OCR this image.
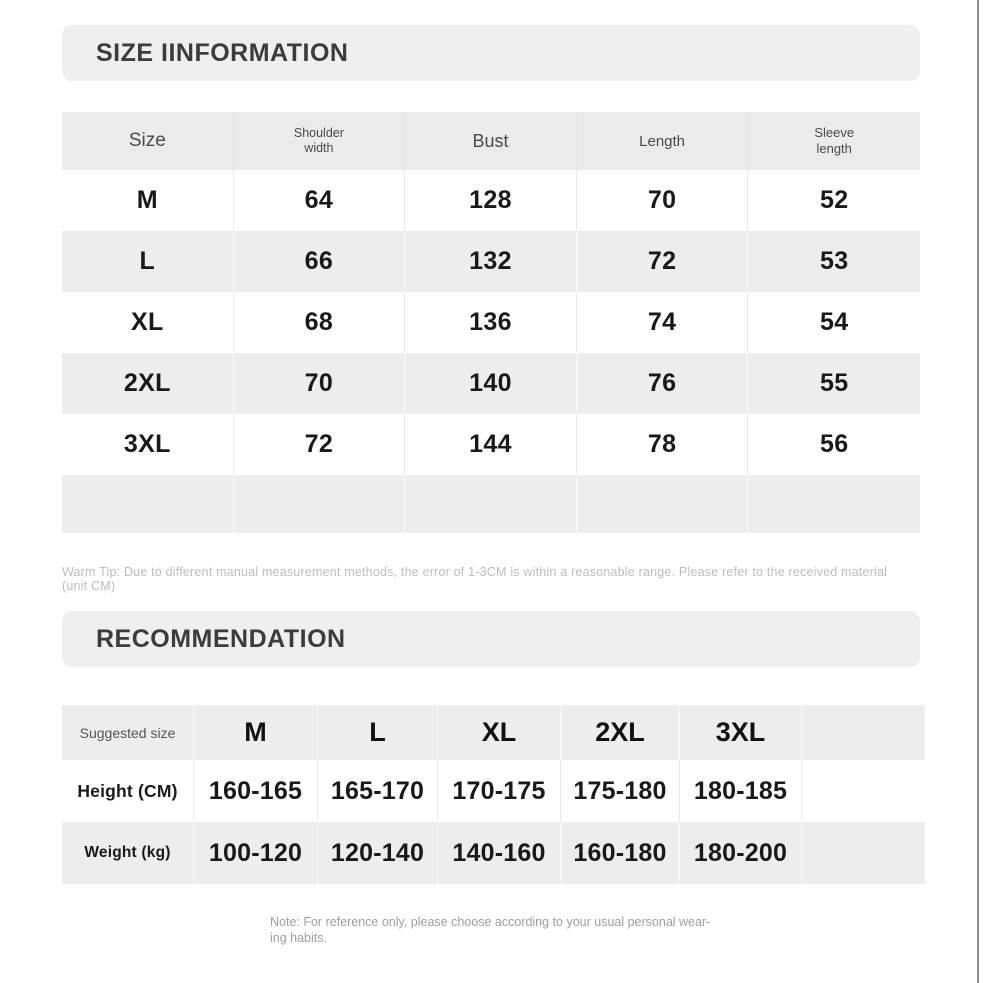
SIZE IINFORMATION
Size	Shoulder width	Bust	Length	Sleeve length
M	64	128	70	52
L	66	132	72	53
XL	68	136	74	54
2XL	70	140	76	55
3XL	72	144	78	56
Warm Tip: Due to different manual measurement methods, the error of 1-3CM is within a reasonable range. Please refer to the received material (unit CM)
RECOMMENDATION
Suggested size	M	L	XL	2XL	3XL
Height (CM)	160-165	165-170	170-175	175-180	180-185
Weight (kg)	100-120	120-140	140-160	160-180	180-200
Note: For reference only, please choose according to your usual personal wear-
ing habits.
